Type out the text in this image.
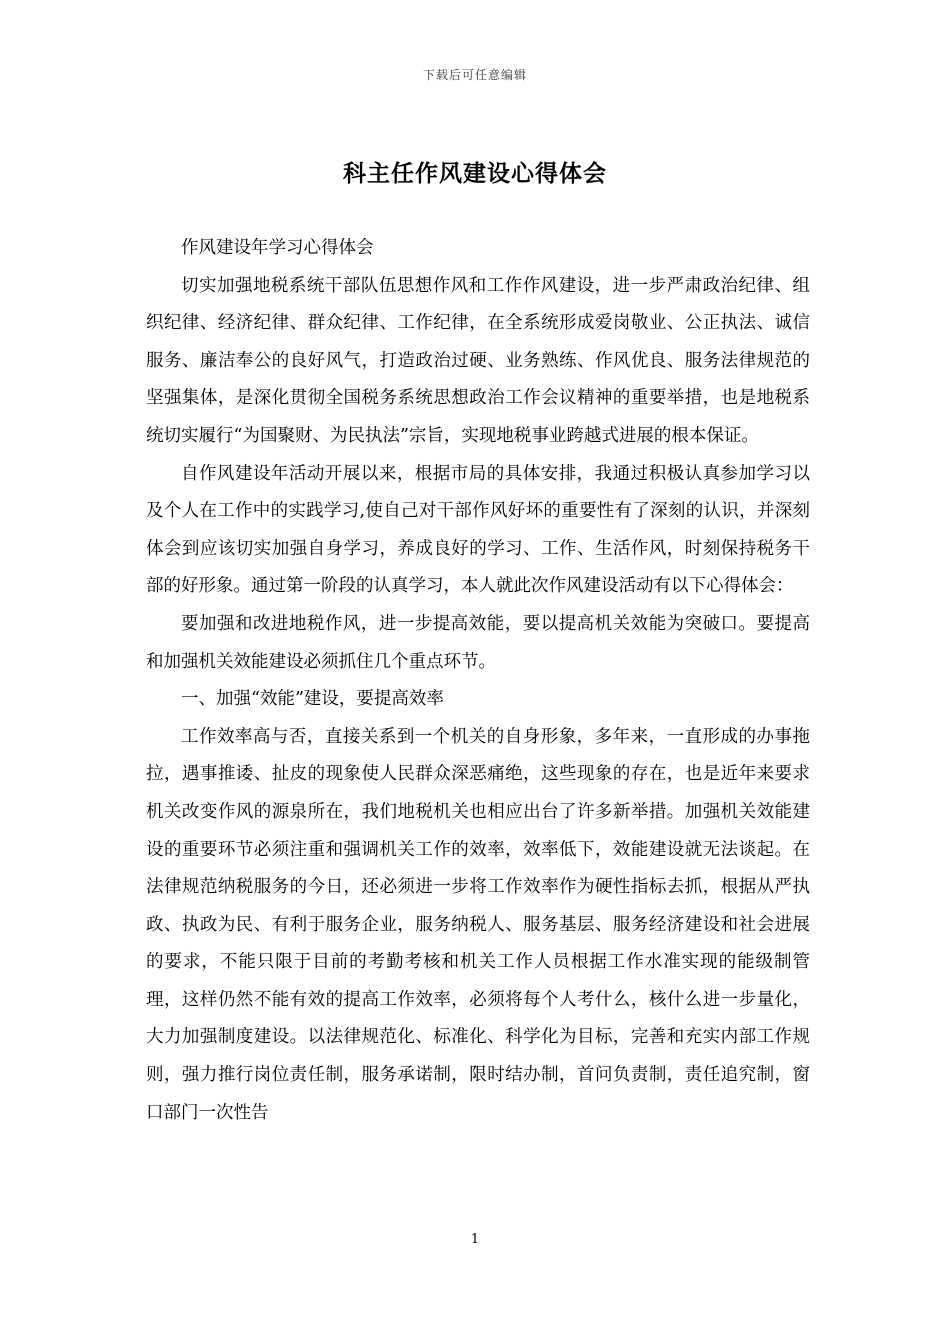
下载后可任意编辑
科主任作风建设心得体会

作风建设年学习心得体会

切实加强地税系统干部队伍思想作风和工作作风建设，进一步严肃政治纪律、组织纪律、经济纪律、群众纪律、工作纪律，在全系统形成爱岗敬业、公正执法、诚信服务、廉洁奉公的良好风气，打造政治过硬、业务熟练、作风优良、服务法律规范的坚强集体，是深化贯彻全国税务系统思想政治工作会议精神的重要举措，也是地税系统切实履行“为国聚财、为民执法”宗旨，实现地税事业跨越式进展的根本保证。

自作风建设年活动开展以来，根据市局的具体安排，我通过积极认真参加学习以及个人在工作中的实践学习,使自己对干部作风好坏的重要性有了深刻的认识，并深刻体会到应该切实加强自身学习，养成良好的学习、工作、生活作风，时刻保持税务干部的好形象。通过第一阶段的认真学习，本人就此次作风建设活动有以下心得体会：

要加强和改进地税作风，进一步提高效能，要以提高机关效能为突破口。要提高和加强机关效能建设必须抓住几个重点环节。

一、加强“效能”建设，要提高效率

工作效率高与否，直接关系到一个机关的自身形象，多年来，一直形成的办事拖拉，遇事推诿、扯皮的现象使人民群众深恶痛绝，这些现象的存在，也是近年来要求机关改变作风的源泉所在，我们地税机关也相应出台了许多新举措。加强机关效能建设的重要环节必须注重和强调机关工作的效率，效率低下，效能建设就无法谈起。在法律规范纳税服务的今日，还必须进一步将工作效率作为硬性指标去抓，根据从严执政、执政为民、有利于服务企业，服务纳税人、服务基层、服务经济建设和社会进展的要求，不能只限于目前的考勤考核和机关工作人员根据工作水准实现的能级制管理，这样仍然不能有效的提高工作效率，必须将每个人考什么，核什么进一步量化，大力加强制度建设。以法律规范化、标准化、科学化为目标，完善和充实内部工作规则，强力推行岗位责任制，服务承诺制，限时结办制，首问负责制，责任追究制，窗口部门一次性告

1
